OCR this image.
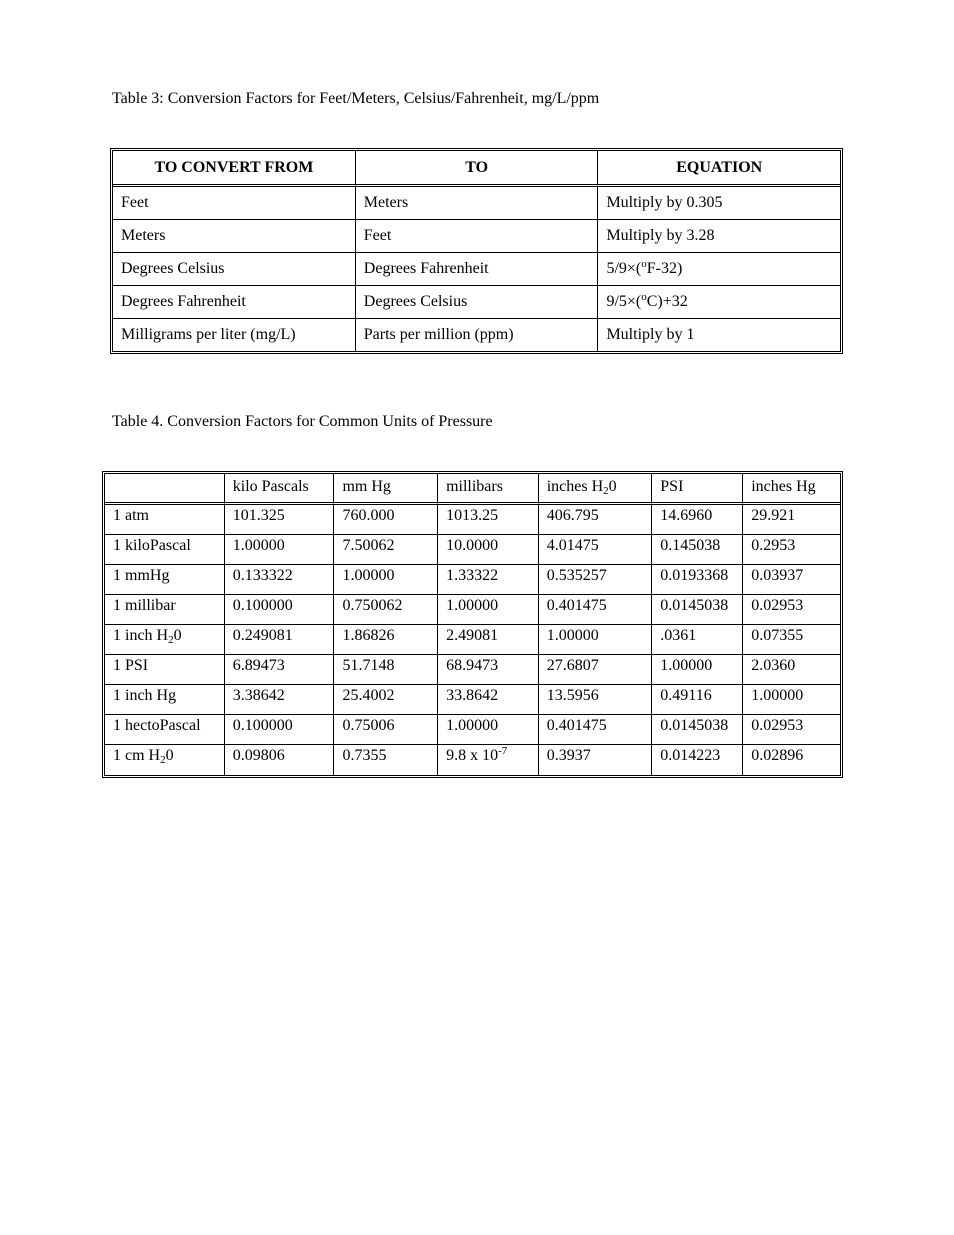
Table 3: Conversion Factors for Feet/Meters, Celsius/Fahrenheit, mg/L/ppm
TO CONVERT FROM	TO	EQUATION
Feet	Meters	Multiply by 0.305
Meters	Feet	Multiply by 3.28
Degrees Celsius	Degrees Fahrenheit	5/9×($^o$F-32)
Degrees Fahrenheit	Degrees Celsius	9/5×($^o$C)+32
Milligrams per liter (mg/L)	Parts per million (ppm)	Multiply by 1
Table 4. Conversion Factors for Common Units of Pressure
	kilo Pascals	mm Hg	millibars	inches $H_20$	PSI	inches Hg
1 atm	101.325	760.000	1013.25	406.795	14.6960	29.921
1 kiloPascal	1.00000	7.50062	10.0000	4.01475	0.145038	0.2953
1 mmHg	0.133322	1.00000	1.33322	0.535257	0.0193368	0.03937
1 millibar	0.100000	0.750062	1.00000	0.401475	0.0145038	0.02953
1 inch $H_20$	0.249081	1.86826	2.49081	1.00000	.0361	0.07355
1 PSI	6.89473	51.7148	68.9473	27.6807	1.00000	2.0360
1 inch Hg	3.38642	25.4002	33.8642	13.5956	0.49116	1.00000
1 hectoPascal	0.100000	0.75006	1.00000	0.401475	0.0145038	0.02953
1 cm $H_20$	0.09806	0.7355	9.8 x $10^{-7}$	0.3937	0.014223	0.02896
